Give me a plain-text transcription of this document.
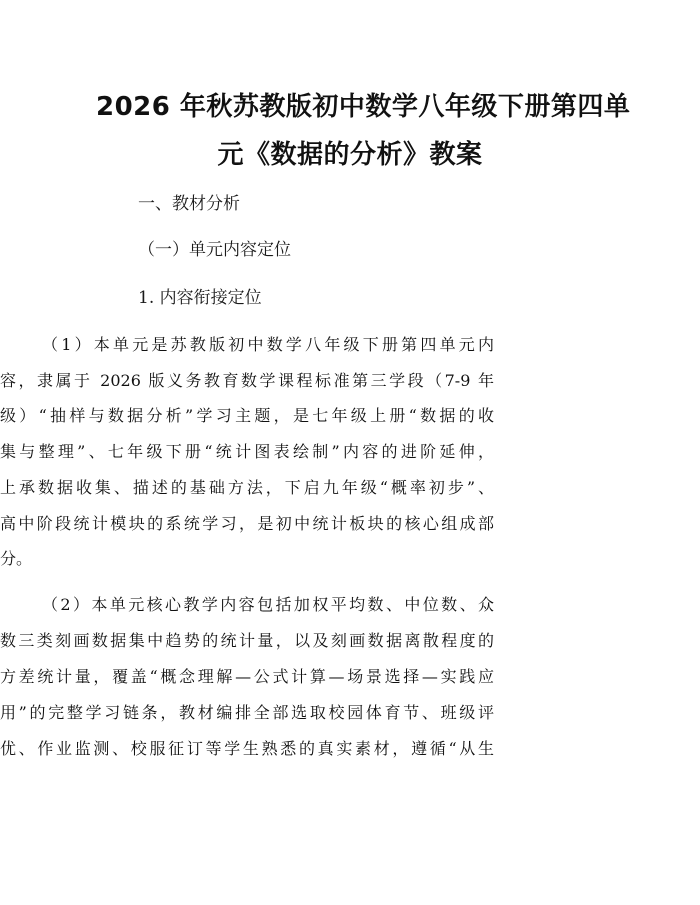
2026 年秋苏教版初中数学八年级下册第四单
元《数据的分析》教案
一、教材分析
（一）单元内容定位
1. 内容衔接定位
（1）本单元是苏教版初中数学八年级下册第四单元内
容，隶属于 2026 版义务教育数学课程标准第三学段（7-9 年
级）“抽样与数据分析”学习主题，是七年级上册“数据的收
集与整理”、七年级下册“统计图表绘制”内容的进阶延伸，
上承数据收集、描述的基础方法，下启九年级“概率初步”、
高中阶段统计模块的系统学习，是初中统计板块的核心组成部
分。
（2）本单元核心教学内容包括加权平均数、中位数、众
数三类刻画数据集中趋势的统计量，以及刻画数据离散程度的
方差统计量，覆盖“概念理解—公式计算—场景选择—实践应
用”的完整学习链条，教材编排全部选取校园体育节、班级评
优、作业监测、校服征订等学生熟悉的真实素材，遵循“从生
